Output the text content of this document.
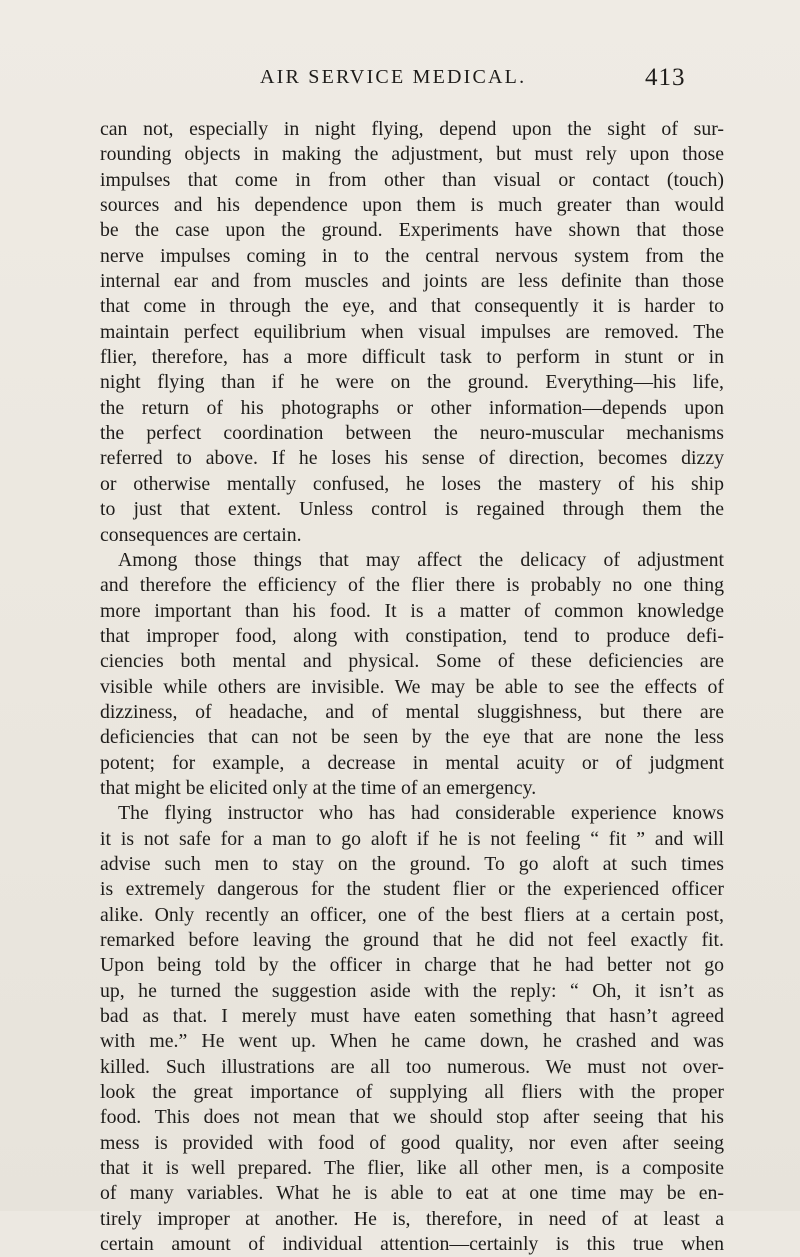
AIR SERVICE MEDICAL.	413
can not, especially in night flying, depend upon the sight of sur-
rounding objects in making the adjustment, but must rely upon those
impulses that come in from other than visual or contact (touch)
sources and his dependence upon them is much greater than would
be the case upon the ground. Experiments have shown that those
nerve impulses coming in to the central nervous system from the
internal ear and from muscles and joints are less definite than those
that come in through the eye, and that consequently it is harder to
maintain perfect equilibrium when visual impulses are removed. The
flier, therefore, has a more difficult task to perform in stunt or in
night flying than if he were on the ground. Everything—his life,
the return of his photographs or other information—depends upon
the perfect coordination between the neuro-muscular mechanisms
referred to above. If he loses his sense of direction, becomes dizzy
or otherwise mentally confused, he loses the mastery of his ship
to just that extent. Unless control is regained through them the
consequences are certain.
Among those things that may affect the delicacy of adjustment
and therefore the efficiency of the flier there is probably no one thing
more important than his food. It is a matter of common knowledge
that improper food, along with constipation, tend to produce defi-
ciencies both mental and physical. Some of these deficiencies are
visible while others are invisible. We may be able to see the effects of
dizziness, of headache, and of mental sluggishness, but there are
deficiencies that can not be seen by the eye that are none the less
potent; for example, a decrease in mental acuity or of judgment
that might be elicited only at the time of an emergency.
The flying instructor who has had considerable experience knows
it is not safe for a man to go aloft if he is not feeling “ fit ” and will
advise such men to stay on the ground. To go aloft at such times
is extremely dangerous for the student flier or the experienced officer
alike. Only recently an officer, one of the best fliers at a certain post,
remarked before leaving the ground that he did not feel exactly fit.
Upon being told by the officer in charge that he had better not go
up, he turned the suggestion aside with the reply: “ Oh, it isn’t as
bad as that. I merely must have eaten something that hasn’t agreed
with me.” He went up. When he came down, he crashed and was
killed. Such illustrations are all too numerous. We must not over-
look the great importance of supplying all fliers with the proper
food. This does not mean that we should stop after seeing that his
mess is provided with food of good quality, nor even after seeing
that it is well prepared. The flier, like all other men, is a composite
of many variables. What he is able to eat at one time may be en-
tirely improper at another. He is, therefore, in need of at least a
certain amount of individual attention—certainly is this true when
